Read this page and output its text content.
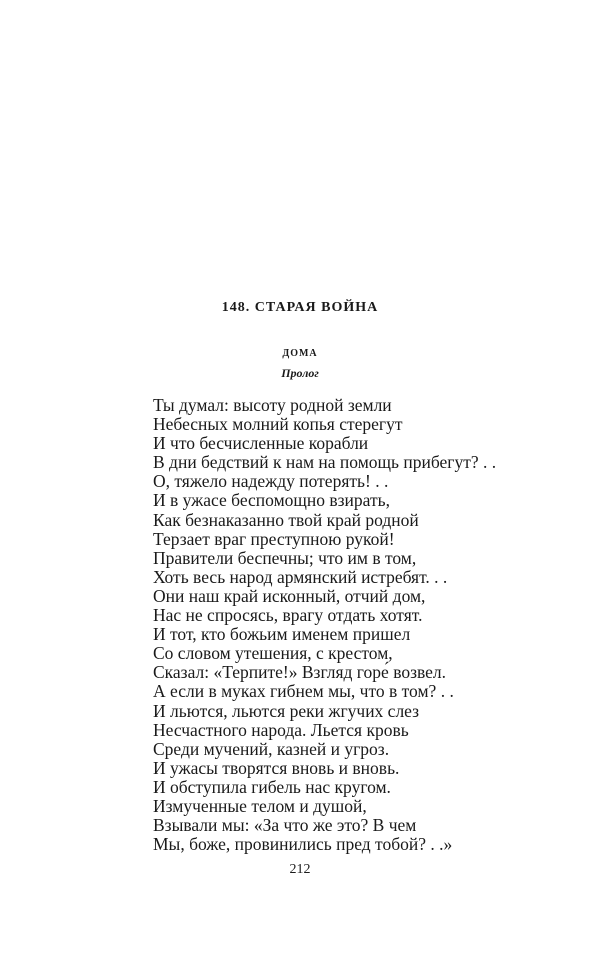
148. СТАРАЯ ВОЙНА
ДОМА
Пролог
Ты думал: высоту родной земли
Небесных молний копья стерегут
И что бесчисленные корабли
В дни бедствий к нам на помощь прибегут? . .
О, тяжело надежду потерять! . .
И в ужасе беспомощно взирать,
Как безнаказанно твой край родной
Терзает враг преступною рукой!
Правители беспечны; что им в том,
Хоть весь народ армянский истребят. . .
Они наш край исконный, отчий дом,
Нас не спросясь, врагу отдать хотят.
И тот, кто божьим именем пришел
Со словом утешения, с крестом,
Сказал: «Терпите!» Взгляд горе́ возвел.
А если в муках гибнем мы, что в том? . .
И льются, льются реки жгучих слез
Несчастного народа. Льется кровь
Среди мучений, казней и угроз.
И ужасы творятся вновь и вновь.
И обступила гибель нас кругом.
Измученные телом и душой,
Взывали мы: «За что же это? В чем
Мы, боже, провинились пред тобой? . .»
212
